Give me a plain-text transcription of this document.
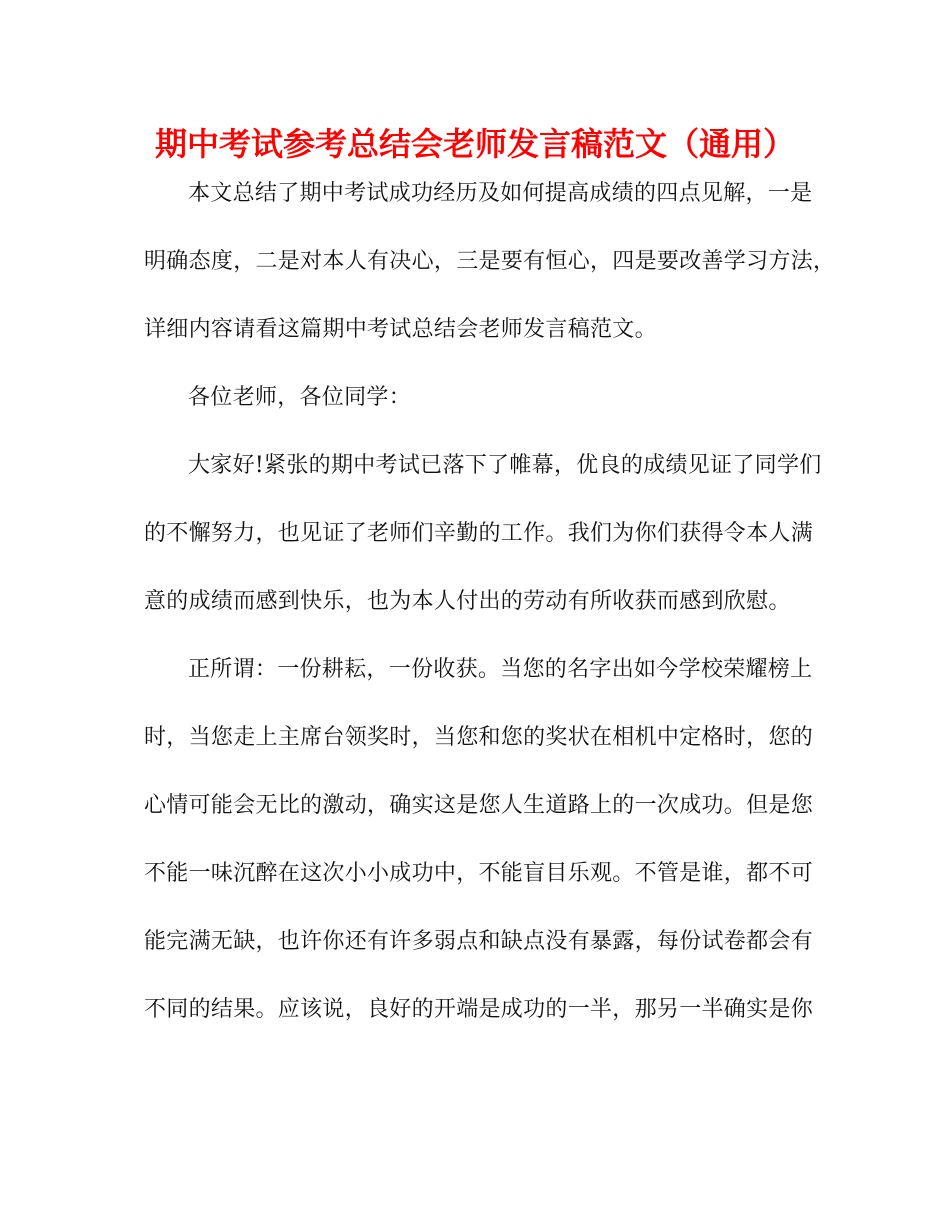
期中考试参考总结会老师发言稿范文（通用）
本文总结了期中考试成功经历及如何提高成绩的四点见解，一是
明确态度，二是对本人有决心，三是要有恒心，四是要改善学习方法，
详细内容请看这篇期中考试总结会老师发言稿范文。
各位老师，各位同学：
大家好!紧张的期中考试已落下了帷幕，优良的成绩见证了同学们
的不懈努力，也见证了老师们辛勤的工作。我们为你们获得令本人满
意的成绩而感到快乐，也为本人付出的劳动有所收获而感到欣慰。
正所谓：一份耕耘，一份收获。当您的名字出如今学校荣耀榜上
时，当您走上主席台领奖时，当您和您的奖状在相机中定格时，您的
心情可能会无比的激动，确实这是您人生道路上的一次成功。但是您
不能一味沉醉在这次小小成功中，不能盲目乐观。不管是谁，都不可
能完满无缺，也许你还有许多弱点和缺点没有暴露，每份试卷都会有
不同的结果。应该说，良好的开端是成功的一半，那另一半确实是你
